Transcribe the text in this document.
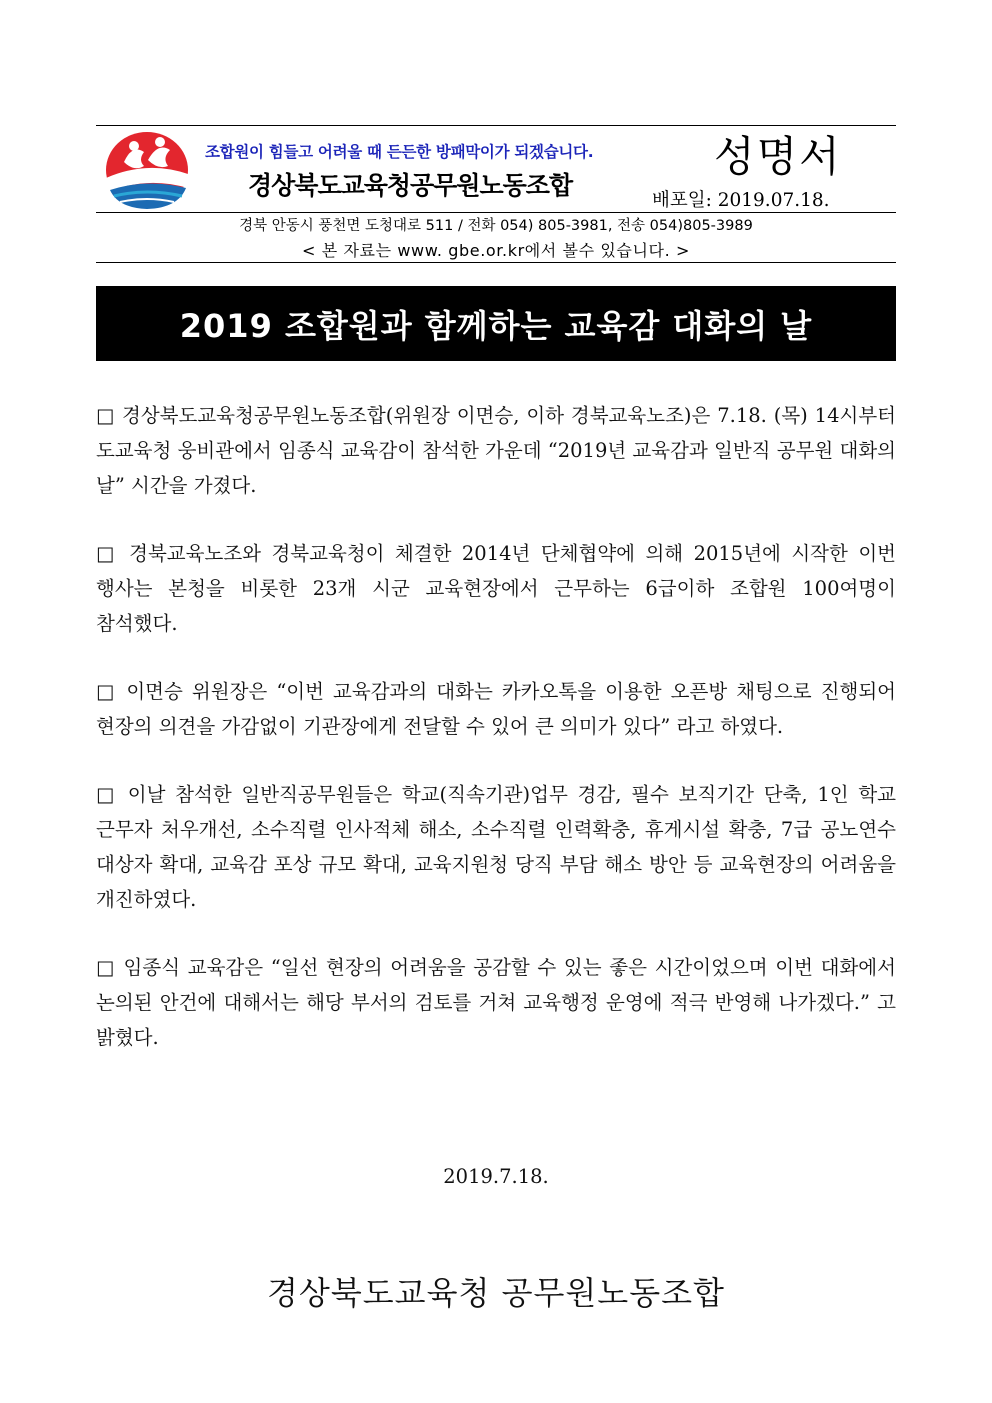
조합원이 힘들고 어려울 때 든든한 방패막이가 되겠습니다.
경상북도교육청공무원노동조합
성명서
배포일: 2019.07.18.
경북 안동시 풍천면 도청대로 511 / 전화 054) 805-3981, 전송 054)805-3989
< 본 자료는 www. gbe.or.kr에서 볼수 있습니다. >
2019 조합원과 함께하는 교육감 대화의 날

□ 경상북도교육청공무원노동조합(위원장 이면승, 이하 경북교육노조)은 7.18. (목) 14시부터 도교육청 웅비관에서 임종식 교육감이 참석한 가운데 “2019년 교육감과 일반직 공무원 대화의 날” 시간을 가졌다.

□ 경북교육노조와 경북교육청이 체결한 2014년 단체협약에 의해 2015년에 시작한 이번 행사는 본청을 비롯한 23개 시군 교육현장에서 근무하는 6급이하 조합원 100여명이 참석했다.

□ 이면승 위원장은 “이번 교육감과의 대화는 카카오톡을 이용한 오픈방 채팅으로 진행되어 현장의 의견을 가감없이 기관장에게 전달할 수 있어 큰 의미가 있다” 라고 하였다.

□ 이날 참석한 일반직공무원들은 학교(직속기관)업무 경감, 필수 보직기간 단축, 1인 학교 근무자 처우개선, 소수직렬 인사적체 해소, 소수직렬 인력확충, 휴게시설 확충, 7급 공노연수 대상자 확대, 교육감 포상 규모 확대, 교육지원청 당직 부담 해소 방안 등 교육현장의 어려움을 개진하였다.

□ 임종식 교육감은 “일선 현장의 어려움을 공감할 수 있는 좋은 시간이었으며 이번 대화에서 논의된 안건에 대해서는 해당 부서의 검토를 거쳐 교육행정 운영에 적극 반영해 나가겠다.” 고 밝혔다.

2019.7.18.
경상북도교육청 공무원노동조합
